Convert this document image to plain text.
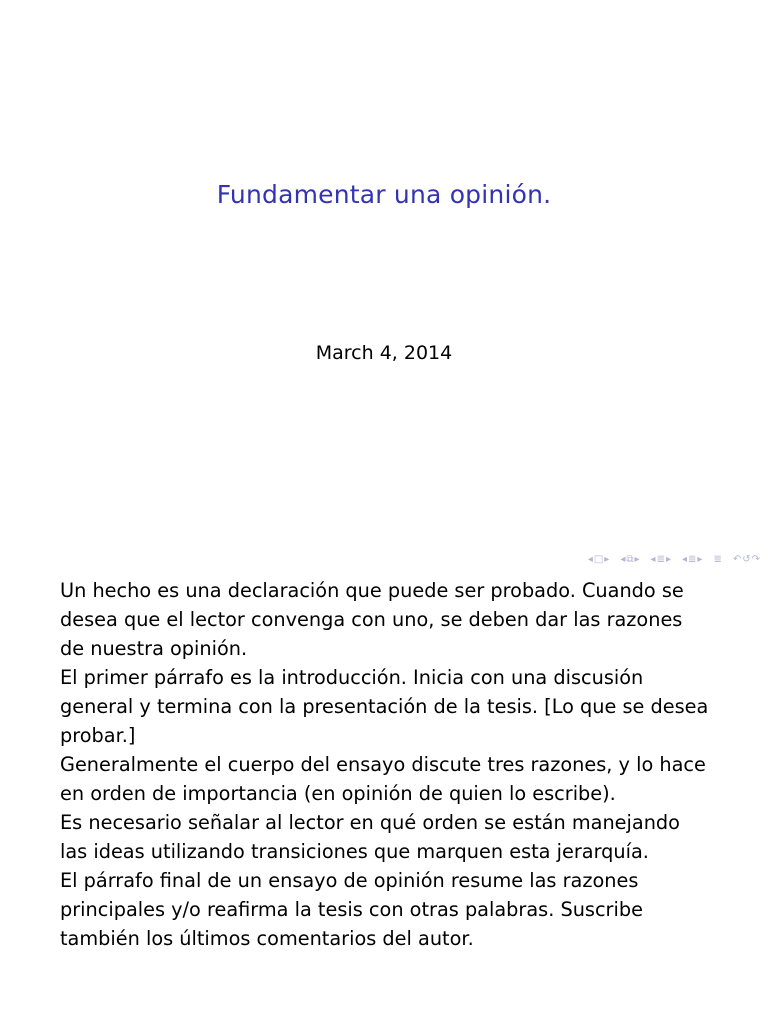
Fundamentar una opinión.
March 4, 2014
◂ □ ▸ ◂ ⧉ ▸ ◂ ≣ ▸ ◂ ≣ ▸ ≣ ↶ ↺ ↷

Un hecho es una declaración que puede ser probado. Cuando se desea que el lector convenga con uno, se deben dar las razones de nuestra opinión.

El primer párrafo es la introducción. Inicia con una discusión general y termina con la presentación de la tesis. [Lo que se desea probar.]

Generalmente el cuerpo del ensayo discute tres razones, y lo hace en orden de importancia (en opinión de quien lo escribe).

Es necesario señalar al lector en qué orden se están manejando las ideas utilizando transiciones que marquen esta jerarquía.

El párrafo final de un ensayo de opinión resume las razones principales y/o reafirma la tesis con otras palabras. Suscribe también los últimos comentarios del autor.
